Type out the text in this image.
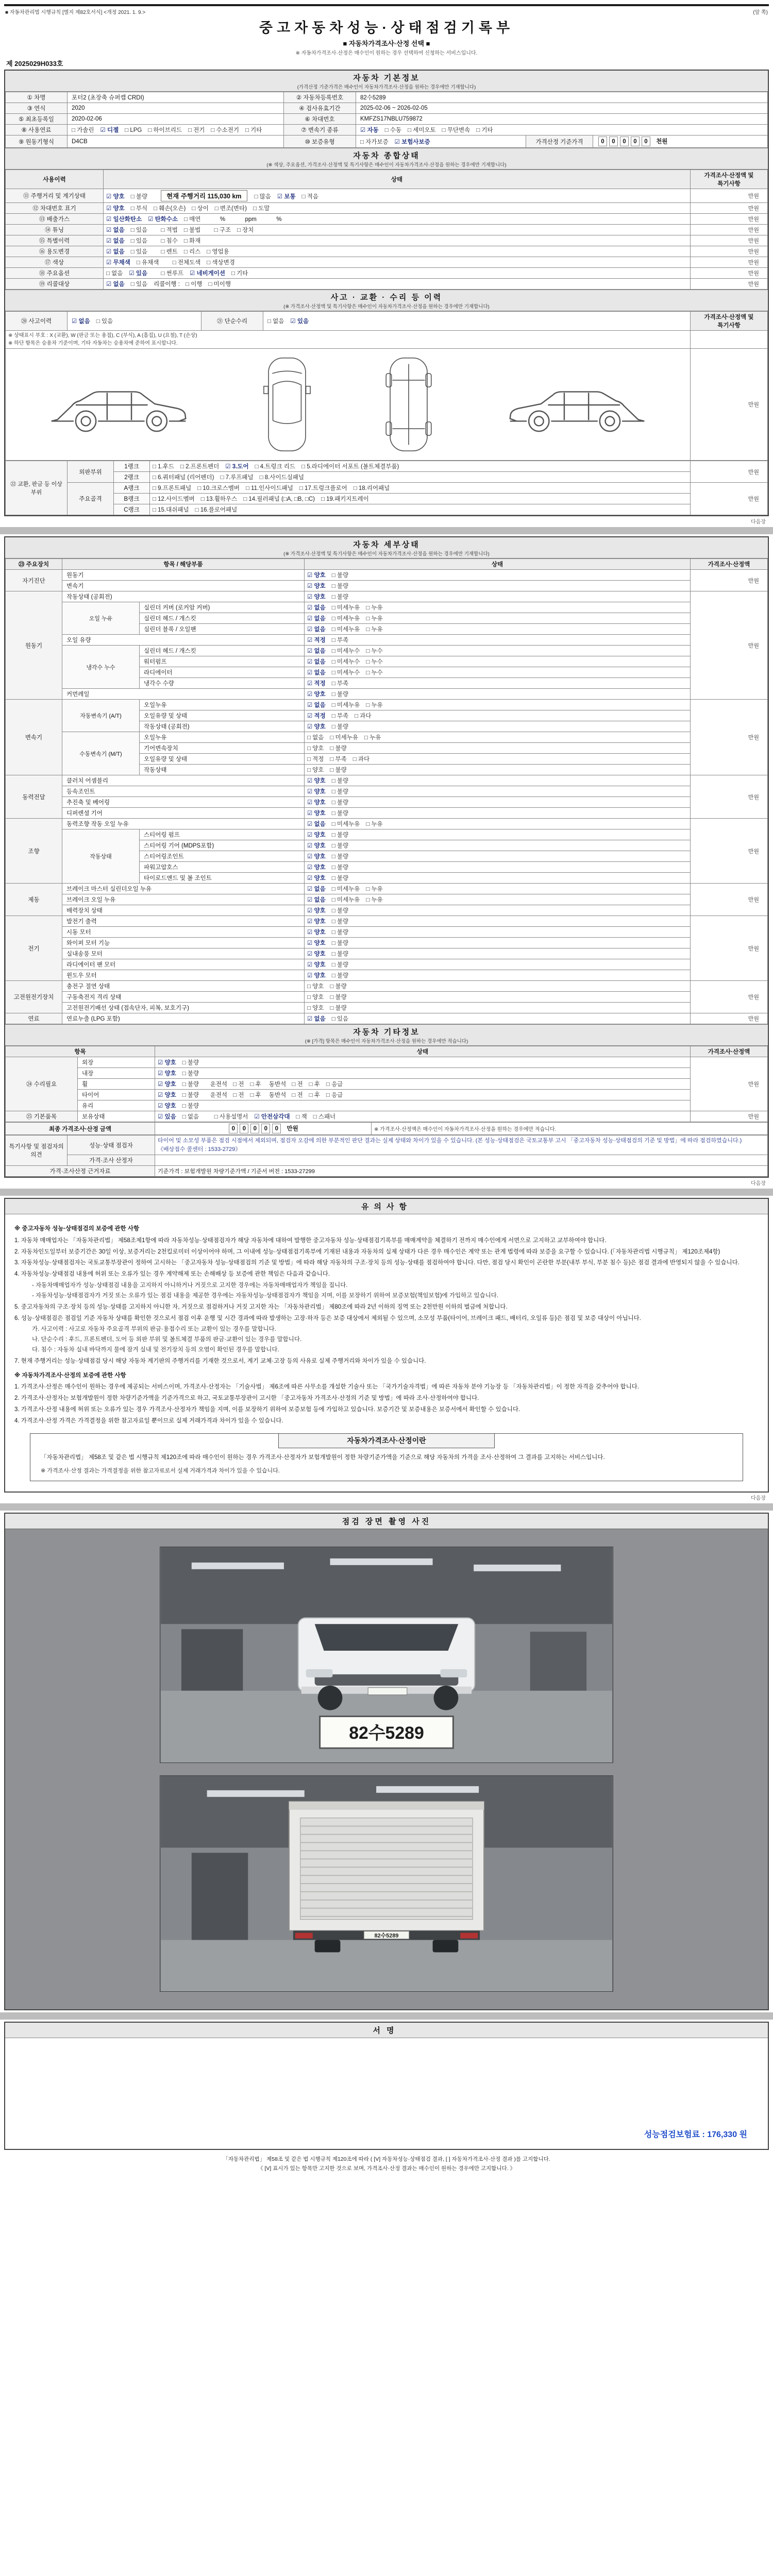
■ 자동차관리법 시행규칙 [별지 제82호서식] <개정 2021. 1. 9.>	(앞 쪽)
중고자동차성능·상태점검기록부
■ 자동차가격조사·산정 선택 ■
※ 자동차가격조사·산정은 매수인이 원하는 경우 선택하여 신청하는 서비스입니다.
제 2025029H033호
자동차 기본정보
(가격산정 기준가격은 매수인이 자동차가격조사·산정을 원하는 경우에만 기재합니다)
① 차명	포터2 (초장축 슈퍼캡 CRDI)	② 자동차등록번호	82수5289		
③ 연식	2020	④ 검사유효기간	2025-02-06 ~ 2026-02-05		
⑤ 최초등록일	2020-02-06	⑥ 차대번호	KMFZS17NBLU759872		
⑧ 사용연료	□ 가솔린 ☑ 디젤 □ LPG □ 하이브리드 □ 전기 □ 수소전기 □ 기타	⑦ 변속기 종류	☑ 자동 □ 수동 □ 세미오토 □ 무단변속 □ 기타		
⑨ 원동기형식	D4CB	⑩ 보증유형	□ 자가보증 ☑ 보험사보증	가격산정 기준가격	0 0 0 0 0 천원
자동차 종합상태
(※ 색상, 주요옵션, 가격조사·산정액 및 특기사항은 매수인이 자동차가격조사·산정을 원하는 경우에만 기재합니다)
사용이력	상태	가격조사·산정액 및 특기사항
⑪ 주행거리 및 계기상태	☑ 양호 □ 불량 현재 주행거리 115,030 km □ 많음 ☑ 보통 □ 적음	만원
⑫ 차대번호 표기	☑ 양호 □ 부식 □ 훼손(오손) □ 상이 □ 변조(변타) □ 도말	만원
⑬ 배출가스	☑ 일산화탄소 ☑ 탄화수소 □ 매연        %            ppm            %	만원
⑭ 튜닝	☑ 없음 □ 있음 □ 적법 □ 불법 □ 구조 □ 장치	만원
⑮ 특별이력	☑ 없음 □ 있음 □ 침수 □ 화재	만원
⑯ 용도변경	☑ 없음 □ 있음 □ 렌트 □ 리스 □ 영업용	만원
⑰ 색상	☑ 무채색 □ 유채색 □ 전체도색 □ 색상변경	만원
⑱ 주요옵션	□ 없음 ☑ 있음 □ 썬루프 ☑ 네비게이션 □ 기타	만원
⑲ 리콜대상	☑ 없음 □ 있음 리콜이행 : □ 이행 □ 미이행	만원
사고 · 교환 · 수리 등 이력
(※ 가격조사·산정액 및 특기사항은 매수인이 자동차가격조사·산정을 원하는 경우에만 기재합니다)
⑳ 사고이력	☑ 없음 □ 있음	㉑ 단순수리	□ 없음 ☑ 있음	가격조사·산정액 및 특기사항

※ 상태표시 부호 : X (교환), W (판금 또는 용접), C (부식), A (흠집), U (요철), T (손상)
※ 하단 항목은 승용차 기준이며, 기타 자동차는 승용차에 준하여 표시합니다.				

	만원
㉒ 교환, 판금 등 이상 부위	외판부위	1랭크	□ 1.후드 □ 2.프론트펜더 ☑ 3.도어 □ 4.트렁크 리드 □ 5.라디에이터 서포트 (볼트체결부품)	만원
		2랭크	□ 6.쿼터패널 (리어펜더) □ 7.루프패널 □ 8.사이드실패널	
	주요골격	A랭크	□ 9.프론트패널 □ 10.크로스멤버 □ 11.인사이드패널 □ 17.트렁크플로어 □ 18.리어패널	만원
		B랭크	□ 12.사이드멤버 □ 13.휠하우스 □ 14.필러패널 (□A, □B, □C) □ 19.패키지트레이	
		C랭크	□ 15.대쉬패널 □ 16.플로어패널	
다음장
자동차 세부상태
(※ 가격조사·산정액 및 특기사항은 매수인이 자동차가격조사·산정을 원하는 경우에만 기재합니다)
㉓ 주요장치	항목 / 해당부품		상태	가격조사·산정액
자기진단	원동기		☑ 양호 □ 불량	만원
	변속기		☑ 양호 □ 불량	
원동기	작동상태 (공회전)		☑ 양호 □ 불량	만원
	오일 누유	실린더 커버 (로커암 커버)	☑ 없음 □ 미세누유 □ 누유	
		실린더 헤드 / 개스킷	☑ 없음 □ 미세누유 □ 누유	
		실린더 블록 / 오일팬	☑ 없음 □ 미세누유 □ 누유	
	오일 유량		☑ 적정 □ 부족	
	냉각수 누수	실린더 헤드 / 개스킷	☑ 없음 □ 미세누수 □ 누수	
		워터펌프	☑ 없음 □ 미세누수 □ 누수	
		라디에이터	☑ 없음 □ 미세누수 □ 누수	
		냉각수 수량	☑ 적정 □ 부족	
	커먼레일		☑ 양호 □ 불량	
변속기	자동변속기 (A/T)	오일누유	☑ 없음 □ 미세누유 □ 누유	만원
		오일유량 및 상태	☑ 적정 □ 부족 □ 과다	
		작동상태 (공회전)	☑ 양호 □ 불량	
	수동변속기 (M/T)	오일누유	□ 없음 □ 미세누유 □ 누유	
		기어변속장치	□ 양호 □ 불량	
		오일유량 및 상태	□ 적정 □ 부족 □ 과다	
		작동상태	□ 양호 □ 불량	
동력전달	클러치 어셈블리		☑ 양호 □ 불량	만원
	등속조인트		☑ 양호 □ 불량	
	추진축 및 베어링		☑ 양호 □ 불량	
	디퍼렌셜 기어		☑ 양호 □ 불량	
조향	동력조향 작동 오일 누유		☑ 없음 □ 미세누유 □ 누유	만원
	작동상태	스티어링 펌프	☑ 양호 □ 불량	
		스티어링 기어 (MDPS포함)	☑ 양호 □ 불량	
		스티어링조인트	☑ 양호 □ 불량	
		파워고압호스	☑ 양호 □ 불량	
		타이로드엔드 및 볼 조인트	☑ 양호 □ 불량	
제동	브레이크 마스터 실린더오일 누유		☑ 없음 □ 미세누유 □ 누유	만원
	브레이크 오일 누유		☑ 없음 □ 미세누유 □ 누유	
	배력장치 상태		☑ 양호 □ 불량	
전기	발전기 출력		☑ 양호 □ 불량	만원
	시동 모터		☑ 양호 □ 불량	
	와이퍼 모터 기능		☑ 양호 □ 불량	
	실내송풍 모터		☑ 양호 □ 불량	
	라디에이터 팬 모터		☑ 양호 □ 불량	
	윈도우 모터		☑ 양호 □ 불량	
고전원전기장치	충전구 절연 상태		□ 양호 □ 불량	만원
	구동축전지 격리 상태		□ 양호 □ 불량	
	고전원전기배선 상태 (접속단자, 피복, 보호기구)		□ 양호 □ 불량	
연료	연료누출 (LPG 포함)		☑ 없음 □ 있음	만원
자동차 기타정보
(※ [가격] 항목은 매수인이 자동차가격조사·산정을 원하는 경우에만 적습니다)
항목		상태	가격조사·산정액
㉔ 수리필요	외장	☑ 양호 □ 불량	만원
	내장	☑ 양호 □ 불량	
	휠	☑ 양호 □ 불량   운전석 □ 전 □ 후 동반석 □ 전 □ 후 □ 응급	
	타이어	☑ 양호 □ 불량   운전석 □ 전 □ 후 동반석 □ 전 □ 후 □ 응급	
	유리	☑ 양호 □ 불량	
㉕ 기본품목	보유상태	☑ 있음 □ 없음 □ 사용설명서 ☑ 안전삼각대 □ 잭 □ 스패너	만원
최종 가격조사·산정 금액	0 0 0 0 0 만원	※ 가격조사·산정액은 매수인이 자동차가격조사·산정을 원하는 경우에만 적습니다.
특기사항 및 점검자의 의견	성능·상태 점검자	타이어 및 소모성 부품은 점검 시점에서 제외되며, 점검자 오감에 의한 부분적인 판단 결과는 실제 상태와 차이가 있을 수 있습니다. (본 성능·상태점검은 국토교통부 고시 「중고자동차 성능·상태점검의 기준 및 방법」에 따라 점검하였습니다.) 《배상접수 콜센터 : 1533-2729》
	가격·조사 산정자	
가격·조사산정 근거자료		기준가격 : 보험개발원 차량기준가액 / 기준서 버전 : 1533-27299
다음장
유의사항
※ 중고자동차 성능·상태점검의 보증에 관한 사항
1. 자동차 매매업자는 「자동차관리법」 제58조제1항에 따라 자동차성능·상태점검자가 해당 자동차에 대하여 발행한 중고자동차 성능·상태점검기록부를 매매계약을 체결하기 전까지 매수인에게 서면으로 고지하고 교부하여야 합니다.
2. 자동차인도일부터 보증기간은 30일 이상, 보증거리는 2천킬로미터 이상이어야 하며, 그 이내에 성능·상태점검기록부에 기재된 내용과 자동차의 실제 상태가 다른 경우 매수인은 계약 또는 관계 법령에 따라 보증을 요구할 수 있습니다. (「자동차관리법 시행규칙」 제120조제4항)
3. 자동차성능·상태점검자는 국토교통부장관이 정하여 고시하는 「중고자동차 성능·상태점검의 기준 및 방법」에 따라 해당 자동차의 구조·장치 등의 성능·상태를 점검하여야 합니다. 다만, 점검 당시 확인이 곤란한 부분(내부 부식, 부분 침수 등)은 점검 결과에 반영되지 않을 수 있습니다.
4. 자동차성능·상태점검 내용에 허위 또는 오류가 있는 경우 계약해제 또는 손해배상 등 보증에 관한 책임은 다음과 같습니다.
- 자동차매매업자가 성능·상태점검 내용을 고지하지 아니하거나 거짓으로 고지한 경우에는 자동차매매업자가 책임을 집니다.
- 자동차성능·상태점검자가 거짓 또는 오류가 있는 점검 내용을 제공한 경우에는 자동차성능·상태점검자가 책임을 지며, 이를 보장하기 위하여 보증보험(책임보험)에 가입하고 있습니다.
5. 중고자동차의 구조·장치 등의 성능·상태를 고지하지 아니한 자, 거짓으로 점검하거나 거짓 고지한 자는 「자동차관리법」 제80조에 따라 2년 이하의 징역 또는 2천만원 이하의 벌금에 처합니다.
6. 성능·상태점검은 점검일 기준 자동차 상태를 확인한 것으로서 점검 이후 운행 및 시간 경과에 따라 발생하는 고장·하자 등은 보증 대상에서 제외될 수 있으며, 소모성 부품(타이어, 브레이크 패드, 배터리, 오일류 등)은 점검 및 보증 대상이 아닙니다.
가. 사고이력 : 사고로 자동차 주요골격 부위의 판금·용접수리 또는 교환이 있는 경우를 말합니다.
나. 단순수리 : 후드, 프론트펜더, 도어 등 외판 부위 및 볼트체결 부품의 판금·교환이 있는 경우를 말합니다.
다. 침수 : 자동차 실내 바닥까지 물에 잠겨 실내 및 전기장치 등의 오염이 확인된 경우를 말합니다.
7. 현재 주행거리는 성능·상태점검 당시 해당 자동차 계기판의 주행거리를 기재한 것으로서, 계기 교체·고장 등의 사유로 실제 주행거리와 차이가 있을 수 있습니다.
※ 자동차가격조사·산정의 보증에 관한 사항
1. 가격조사·산정은 매수인이 원하는 경우에 제공되는 서비스이며, 가격조사·산정자는 「기술사법」 제6조에 따른 사무소를 개설한 기술사 또는 「국가기술자격법」에 따른 자동차 분야 기능장 등 「자동차관리법」이 정한 자격을 갖추어야 합니다.
2. 가격조사·산정자는 보험개발원이 정한 차량기준가액을 기준가격으로 하고, 국토교통부장관이 고시한 「중고자동차 가격조사·산정의 기준 및 방법」에 따라 조사·산정하여야 합니다.
3. 가격조사·산정 내용에 허위 또는 오류가 있는 경우 가격조사·산정자가 책임을 지며, 이를 보장하기 위하여 보증보험 등에 가입하고 있습니다. 보증기간 및 보증내용은 보증서에서 확인할 수 있습니다.
4. 가격조사·산정 가격은 가격결정을 위한 참고자료일 뿐이므로 실제 거래가격과 차이가 있을 수 있습니다.
자동차가격조사·산정이란
「자동차관리법」 제58조 및 같은 법 시행규칙 제120조에 따라 매수인이 원하는 경우 가격조사·산정자가 보험개발원이 정한 차량기준가액을 기준으로 해당 자동차의 가격을 조사·산정하여 그 결과를 고지하는 서비스입니다.
※ 가격조사·산정 결과는 가격결정을 위한 참고자료로서 실제 거래가격과 차이가 있을 수 있습니다.
다음장
점검 장면 촬영 사진
82수5289
82수5289
서명
성능점검보험료 : 176,330 원
「자동차관리법」 제58조 및 같은 법 시행규칙 제120조에 따라 ( [V] 자동차성능·상태점검 결과, [ ] 자동차가격조사·산정 결과 )를 고지합니다.
《 [V] 표시가 있는 항목만 고지한 것으로 보며, 가격조사·산정 결과는 매수인이 원하는 경우에만 고지합니다. 》
